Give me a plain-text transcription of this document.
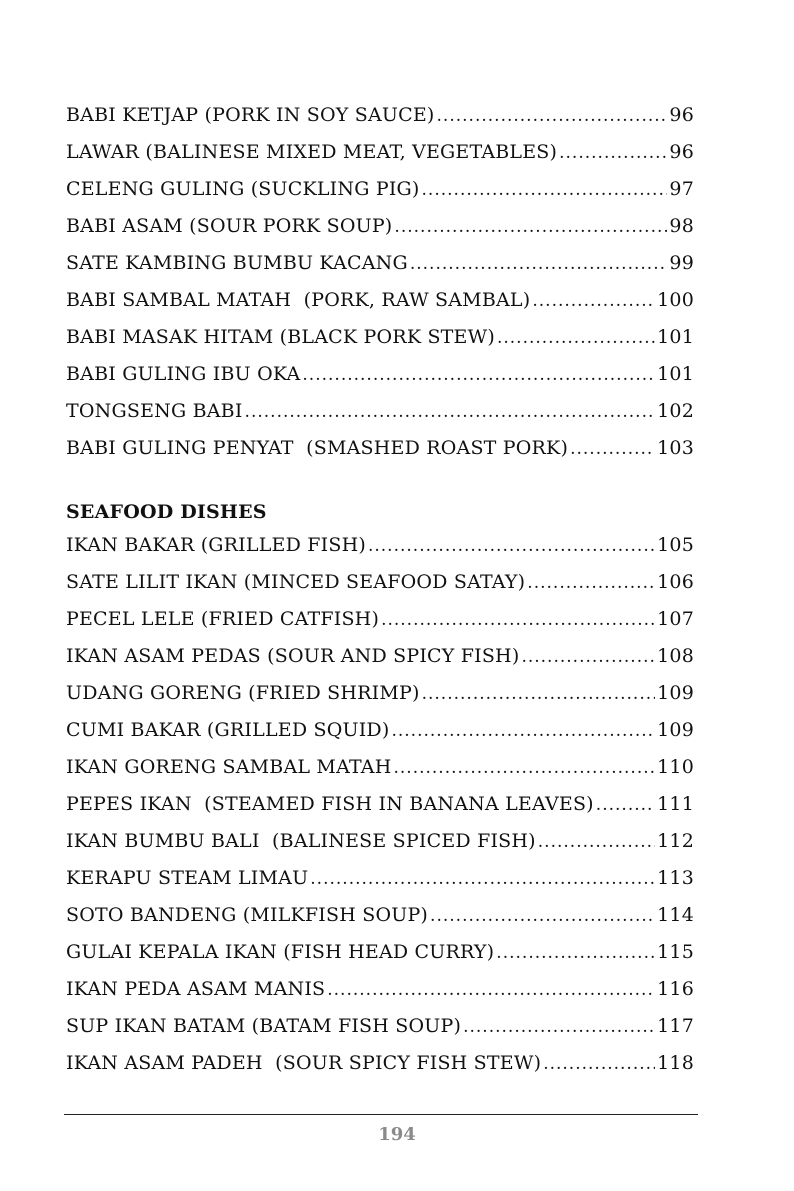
BABI KETJAP (PORK IN SOY SAUCE) .....	96
LAWAR (BALINESE MIXED MEAT, VEGETABLES) .....	96
CELENG GULING (SUCKLING PIG) .....	97
BABI ASAM (SOUR PORK SOUP) .....	98
SATE KAMBING BUMBU KACANG .....	99
BABI SAMBAL MATAH  (PORK, RAW SAMBAL) .....	100
BABI MASAK HITAM (BLACK PORK STEW) .....	101
BABI GULING IBU OKA .....	101
TONGSENG BABI .....	102
BABI GULING PENYAT  (SMASHED ROAST PORK) .....	103
SEAFOOD DISHES
IKAN BAKAR (GRILLED FISH) .....	105
SATE LILIT IKAN (MINCED SEAFOOD SATAY) .....	106
PECEL LELE (FRIED CATFISH) .....	107
IKAN ASAM PEDAS (SOUR AND SPICY FISH) .....	108
UDANG GORENG (FRIED SHRIMP) .....	109
CUMI BAKAR (GRILLED SQUID) .....	109
IKAN GORENG SAMBAL MATAH .....	110
PEPES IKAN  (STEAMED FISH IN BANANA LEAVES) .....	111
IKAN BUMBU BALI  (BALINESE SPICED FISH) .....	112
KERAPU STEAM LIMAU .....	113
SOTO BANDENG (MILKFISH SOUP) .....	114
GULAI KEPALA IKAN (FISH HEAD CURRY) .....	115
IKAN PEDA ASAM MANIS .....	116
SUP IKAN BATAM (BATAM FISH SOUP) .....	117
IKAN ASAM PADEH  (SOUR SPICY FISH STEW) .....	118
194
